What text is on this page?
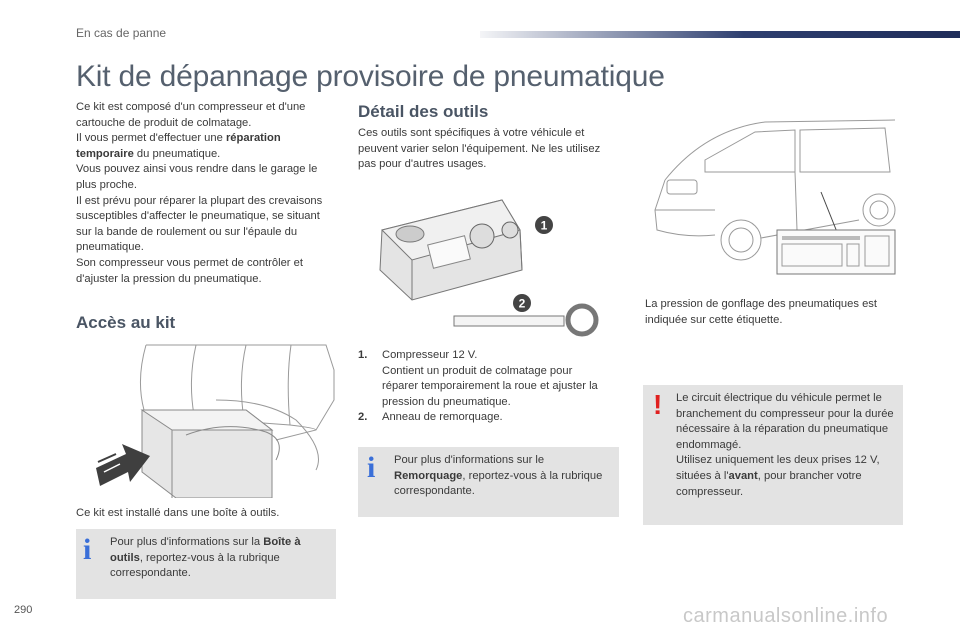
En cas de panne
Kit de dépannage provisoire de pneumatique
Ce kit est composé d'un compresseur et d'une cartouche de produit de colmatage.
Il vous permet d'effectuer une réparation temporaire du pneumatique.
Vous pouvez ainsi vous rendre dans le garage le plus proche.
Il est prévu pour réparer la plupart des crevaisons susceptibles d'affecter le pneumatique, se situant sur la bande de roulement ou sur l'épaule du pneumatique.
Son compresseur vous permet de contrôler et d'ajuster la pression du pneumatique.
Accès au kit
Ce kit est installé dans une boîte à outils.
i Pour plus d'informations sur la Boîte à outils, reportez-vous à la rubrique correspondante.
Détail des outils
Ces outils sont spécifiques à votre véhicule et peuvent varier selon l'équipement. Ne les utilisez pas pour d'autres usages.
1
2
1.	Compresseur 12 V.
Contient un produit de colmatage pour réparer temporairement la roue et ajuster la pression du pneumatique.
2.	Anneau de remorquage.
i Pour plus d'informations sur le Remorquage, reportez-vous à la rubrique correspondante.
La pression de gonflage des pneumatiques est indiquée sur cette étiquette.
! Le circuit électrique du véhicule permet le branchement du compresseur pour la durée nécessaire à la réparation du pneumatique endommagé.
Utilisez uniquement les deux prises 12 V, situées à l'avant, pour brancher votre compresseur.
290	carmanualsonline.info
